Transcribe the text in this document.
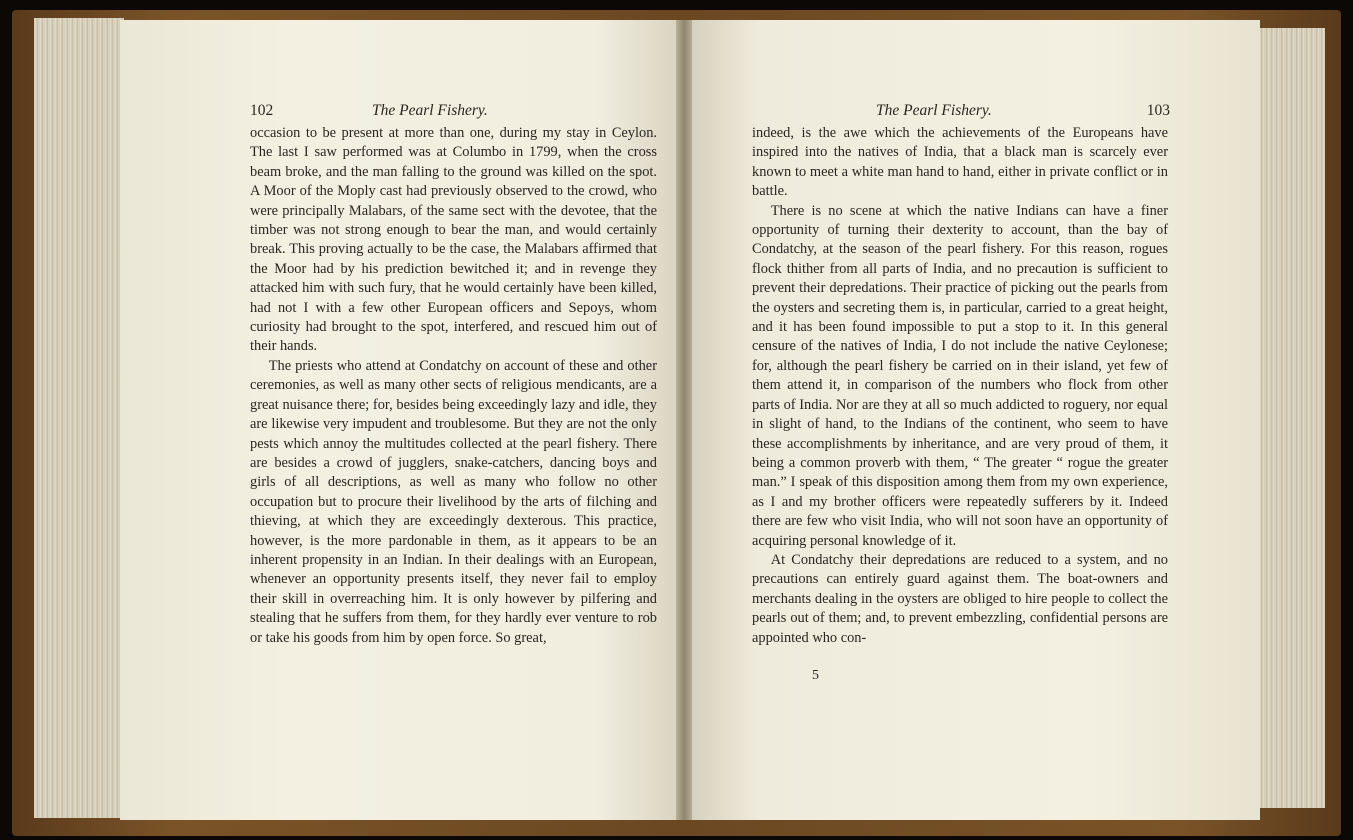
102	The Pearl Fishery.

occasion to be present at more than one, during my stay in Ceylon. The last I saw performed was at Columbo in 1799, when the cross beam broke, and the man falling to the ground was killed on the spot. A Moor of the Moply cast had previously observed to the crowd, who were principally Malabars, of the same sect with the devotee, that the timber was not strong enough to bear the man, and would certainly break. This proving actually to be the case, the Malabars affirmed that the Moor had by his prediction bewitched it; and in revenge they attacked him with such fury, that he would certainly have been killed, had not I with a few other European officers and Sepoys, whom curiosity had brought to the spot, interfered, and rescued him out of their hands.

The priests who attend at Condatchy on account of these and other ceremonies, as well as many other sects of religious mendicants, are a great nuisance there; for, besides being exceedingly lazy and idle, they are likewise very impudent and troublesome. But they are not the only pests which annoy the multitudes collected at the pearl fishery. There are besides a crowd of jugglers, snake-catchers, dancing boys and girls of all descriptions, as well as many who follow no other occupation but to procure their livelihood by the arts of filching and thieving, at which they are exceedingly dexterous. This practice, however, is the more pardonable in them, as it appears to be an inherent propensity in an Indian. In their dealings with an European, whenever an opportunity presents itself, they never fail to employ their skill in overreaching him. It is only however by pilfering and stealing that he suffers from them, for they hardly ever venture to rob or take his goods from him by open force. So great,

The Pearl Fishery.	103

indeed, is the awe which the achievements of the Europeans have inspired into the natives of India, that a black man is scarcely ever known to meet a white man hand to hand, either in private conflict or in battle.

There is no scene at which the native Indians can have a finer opportunity of turning their dexterity to account, than the bay of Condatchy, at the season of the pearl fishery. For this reason, rogues flock thither from all parts of India, and no precaution is sufficient to prevent their depredations. Their practice of picking out the pearls from the oysters and secreting them is, in particular, carried to a great height, and it has been found impossible to put a stop to it. In this general censure of the natives of India, I do not include the native Ceylonese; for, although the pearl fishery be carried on in their island, yet few of them attend it, in comparison of the numbers who flock from other parts of India. Nor are they at all so much addicted to roguery, nor equal in slight of hand, to the Indians of the continent, who seem to have these accomplishments by inheritance, and are very proud of them, it being a common proverb with them, “ The greater “ rogue the greater man.” I speak of this disposition among them from my own experience, as I and my brother officers were repeatedly sufferers by it. Indeed there are few who visit India, who will not soon have an opportunity of acquiring personal knowledge of it.

At Condatchy their depredations are reduced to a system, and no precautions can entirely guard against them. The boat-owners and merchants dealing in the oysters are obliged to hire people to collect the pearls out of them; and, to prevent embezzling, confidential persons are appointed who con-

5
